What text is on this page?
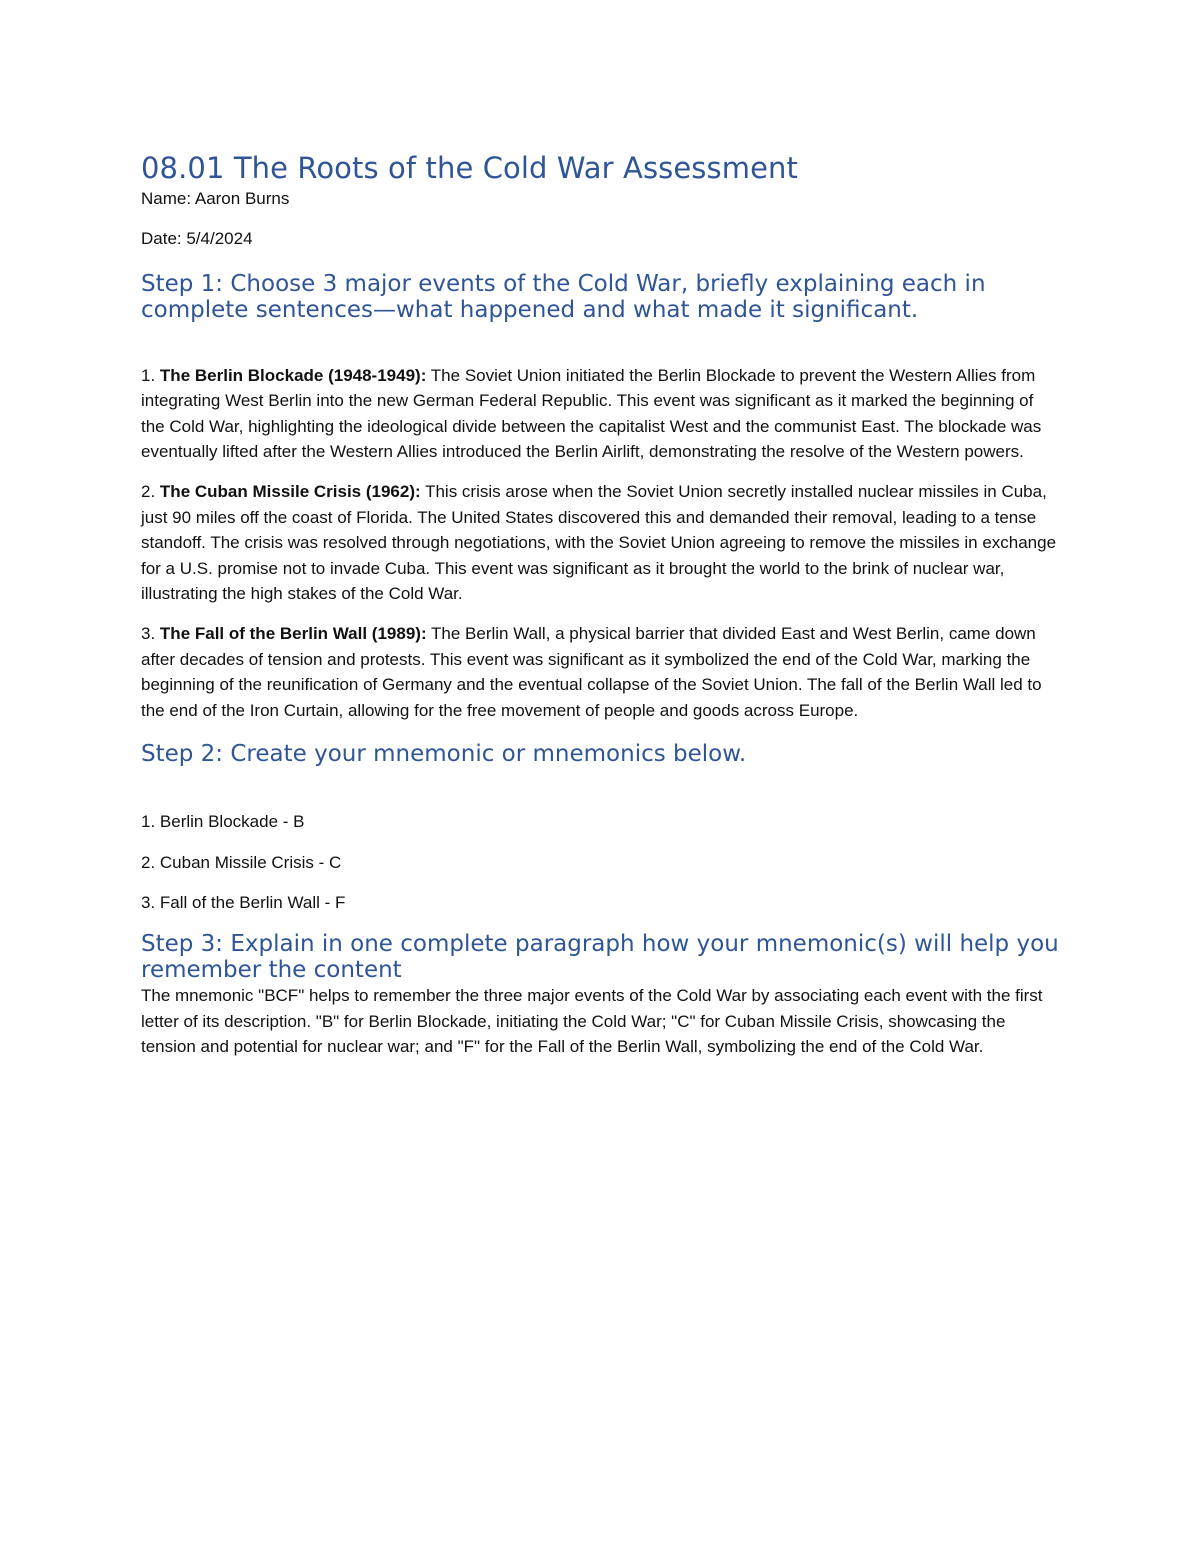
08.01 The Roots of the Cold War Assessment

Name: Aaron Burns

Date: 5/4/2024

Step 1: Choose 3 major events of the Cold War, briefly explaining each in complete sentences—what happened and what made it significant.

1. The Berlin Blockade (1948-1949): The Soviet Union initiated the Berlin Blockade to prevent the Western Allies from integrating West Berlin into the new German Federal Republic. This event was significant as it marked the beginning of the Cold War, highlighting the ideological divide between the capitalist West and the communist East. The blockade was eventually lifted after the Western Allies introduced the Berlin Airlift, demonstrating the resolve of the Western powers.

2. The Cuban Missile Crisis (1962): This crisis arose when the Soviet Union secretly installed nuclear missiles in Cuba, just 90 miles off the coast of Florida. The United States discovered this and demanded their removal, leading to a tense standoff. The crisis was resolved through negotiations, with the Soviet Union agreeing to remove the missiles in exchange for a U.S. promise not to invade Cuba. This event was significant as it brought the world to the brink of nuclear war, illustrating the high stakes of the Cold War.

3. The Fall of the Berlin Wall (1989): The Berlin Wall, a physical barrier that divided East and West Berlin, came down after decades of tension and protests. This event was significant as it symbolized the end of the Cold War, marking the beginning of the reunification of Germany and the eventual collapse of the Soviet Union. The fall of the Berlin Wall led to the end of the Iron Curtain, allowing for the free movement of people and goods across Europe.

Step 2: Create your mnemonic or mnemonics below.

1. Berlin Blockade - B

2. Cuban Missile Crisis - C

3. Fall of the Berlin Wall - F

Step 3: Explain in one complete paragraph how your mnemonic(s) will help you remember the content

The mnemonic "BCF" helps to remember the three major events of the Cold War by associating each event with the first letter of its description. "B" for Berlin Blockade, initiating the Cold War; "C" for Cuban Missile Crisis, showcasing the tension and potential for nuclear war; and "F" for the Fall of the Berlin Wall, symbolizing the end of the Cold War.
